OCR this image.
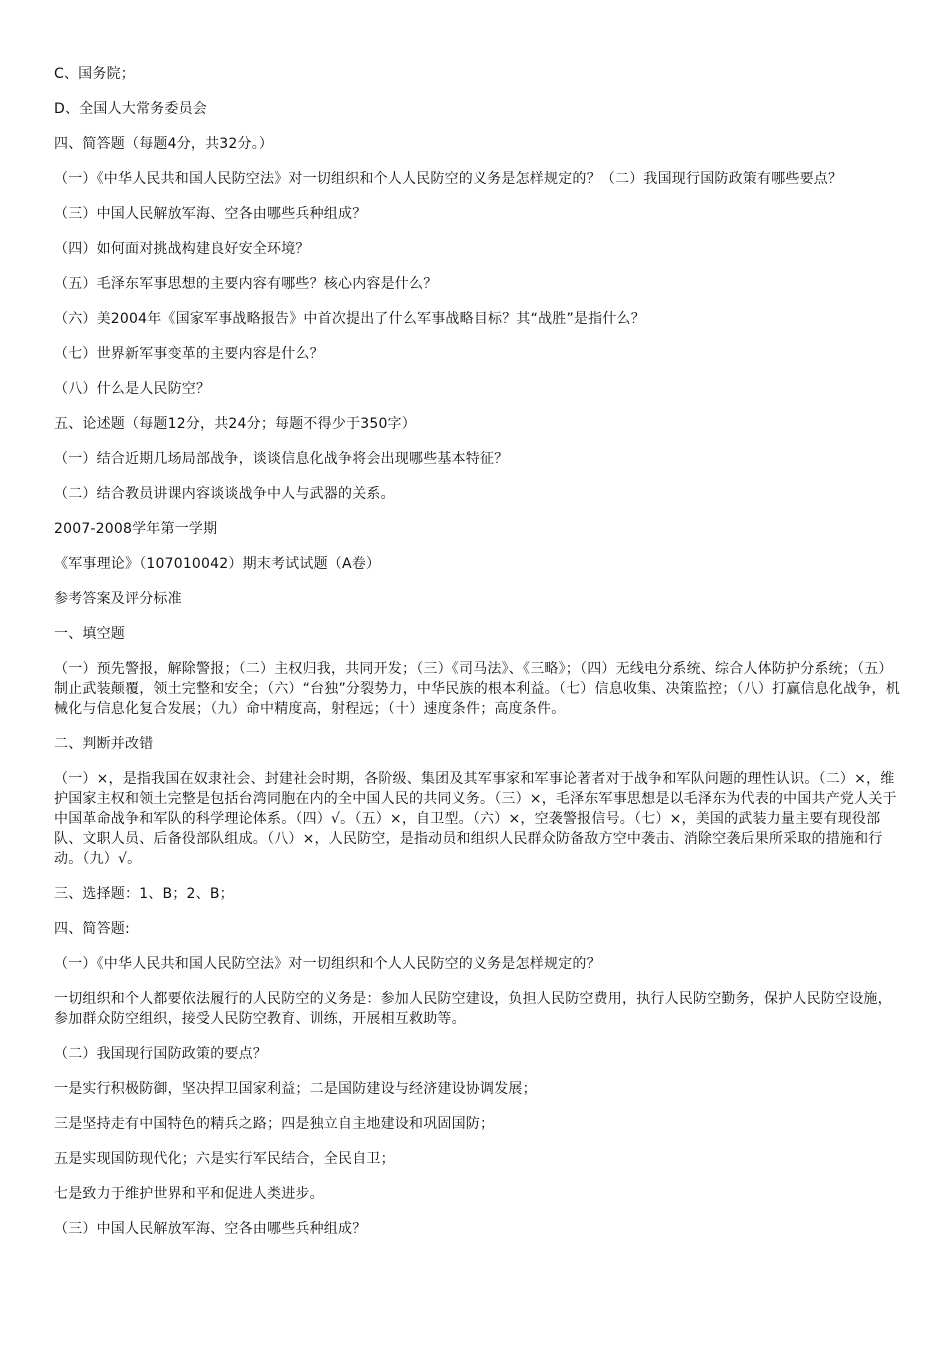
C、国务院；

D、全国人大常务委员会

四、简答题（每题4分，共32分。）

（一）《中华人民共和国人民防空法》对一切组织和个人人民防空的义务是怎样规定的？（二）我国现行国防政策有哪些要点？

（三）中国人民解放军海、空各由哪些兵种组成？

（四）如何面对挑战构建良好安全环境？

（五）毛泽东军事思想的主要内容有哪些？核心内容是什么？

（六）美2004年《国家军事战略报告》中首次提出了什么军事战略目标？其“战胜”是指什么？

（七）世界新军事变革的主要内容是什么？

（八）什么是人民防空？

五、论述题（每题12分，共24分；每题不得少于350字）

（一）结合近期几场局部战争，谈谈信息化战争将会出现哪些基本特征？

（二）结合教员讲课内容谈谈战争中人与武器的关系。

2007-2008学年第一学期

《军事理论》（107010042）期末考试试题（A卷）

参考答案及评分标准

一、填空题

（一）预先警报，解除警报；（二）主权归我，共同开发；（三）《司马法》、《三略》；（四）无线电分系统、综合人体防护分系统；（五）制止武装颠覆，领土完整和安全；（六）“台独”分裂势力，中华民族的根本利益。（七）信息收集、决策监控；（八）打赢信息化战争，机械化与信息化复合发展；（九）命中精度高，射程远；（十）速度条件；高度条件。

二、判断并改错

（一）×，是指我国在奴隶社会、封建社会时期，各阶级、集团及其军事家和军事论著者对于战争和军队问题的理性认识。（二）×，维护国家主权和领土完整是包括台湾同胞在内的全中国人民的共同义务。（三）×，毛泽东军事思想是以毛泽东为代表的中国共产党人关于中国革命战争和军队的科学理论体系。（四）√。（五）×，自卫型。（六）×，空袭警报信号。（七）×，美国的武装力量主要有现役部队、文职人员、后备役部队组成。（八）×，人民防空，是指动员和组织人民群众防备敌方空中袭击、消除空袭后果所采取的措施和行动。（九）√。

三、选择题：1、B；2、B；

四、简答题:

（一）《中华人民共和国人民防空法》对一切组织和个人人民防空的义务是怎样规定的？

一切组织和个人都要依法履行的人民防空的义务是：参加人民防空建设，负担人民防空费用，执行人民防空勤务，保护人民防空设施，参加群众防空组织，接受人民防空教育、训练，开展相互救助等。

（二）我国现行国防政策的要点？

一是实行积极防御，坚决捍卫国家利益；二是国防建设与经济建设协调发展；

三是坚持走有中国特色的精兵之路；四是独立自主地建设和巩固国防；

五是实现国防现代化；六是实行军民结合，全民自卫；

七是致力于维护世界和平和促进人类进步。

（三）中国人民解放军海、空各由哪些兵种组成？
